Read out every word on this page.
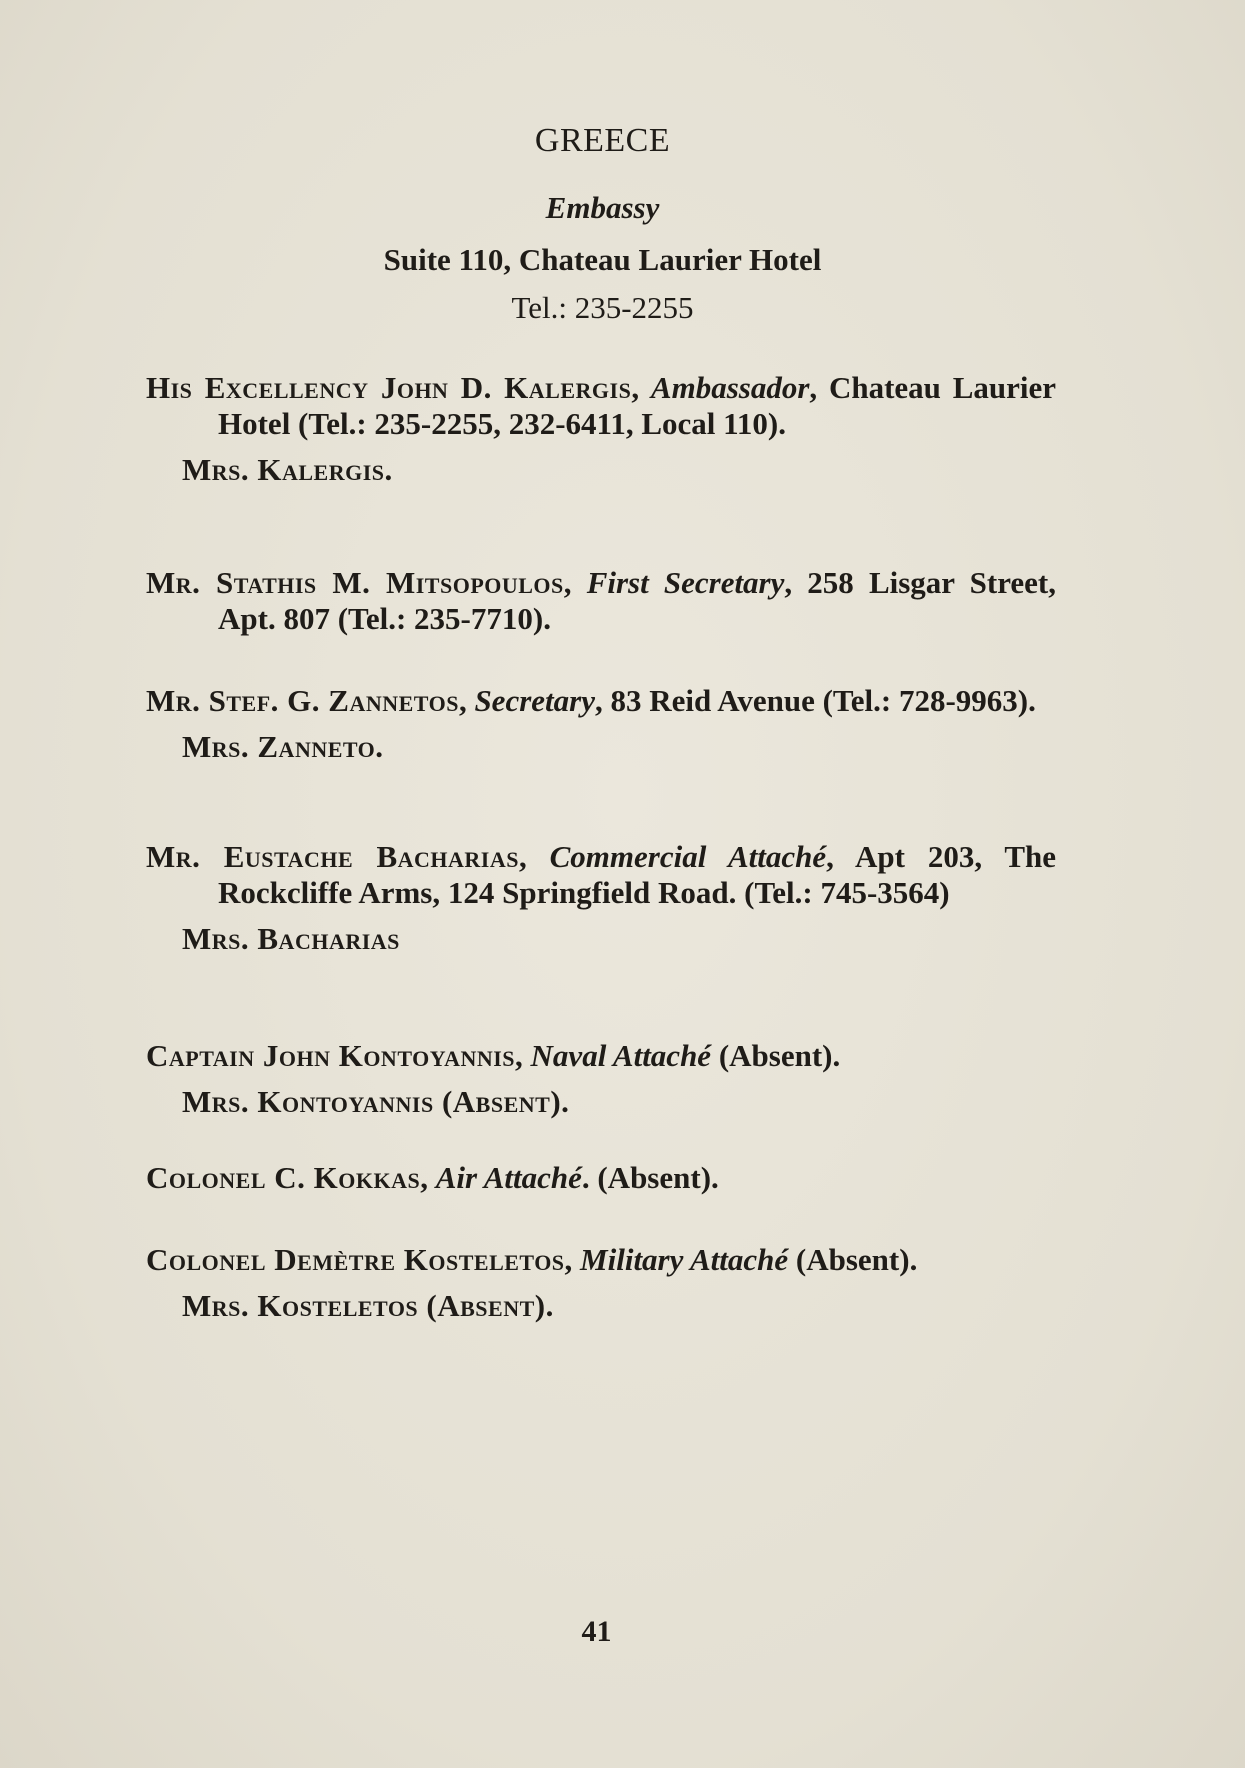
GREECE
Embassy
Suite 110, Chateau Laurier Hotel
Tel.: 235-2255

His Excellency John D. Kalergis, Ambassador, Chateau Laurier Hotel (Tel.: 235-2255, 232-6411, Local 110).

Mrs. Kalergis.

Mr. Stathis M. Mitsopoulos, First Secretary, 258 Lisgar Street, Apt. 807 (Tel.: 235-7710).

Mr. Stef. G. Zannetos, Secretary, 83 Reid Avenue (Tel.: 728-9963).

Mrs. Zanneto.

Mr. Eustache Bacharias, Commercial Attaché, Apt 203, The Rockcliffe Arms, 124 Springfield Road. (Tel.: 745-3564)

Mrs. Bacharias

Captain John Kontoyannis, Naval Attaché (Absent).

Mrs. Kontoyannis (Absent).

Colonel C. Kokkas, Air Attaché. (Absent).

Colonel Demètre Kosteletos, Military Attaché (Absent).

Mrs. Kosteletos (Absent).

41
